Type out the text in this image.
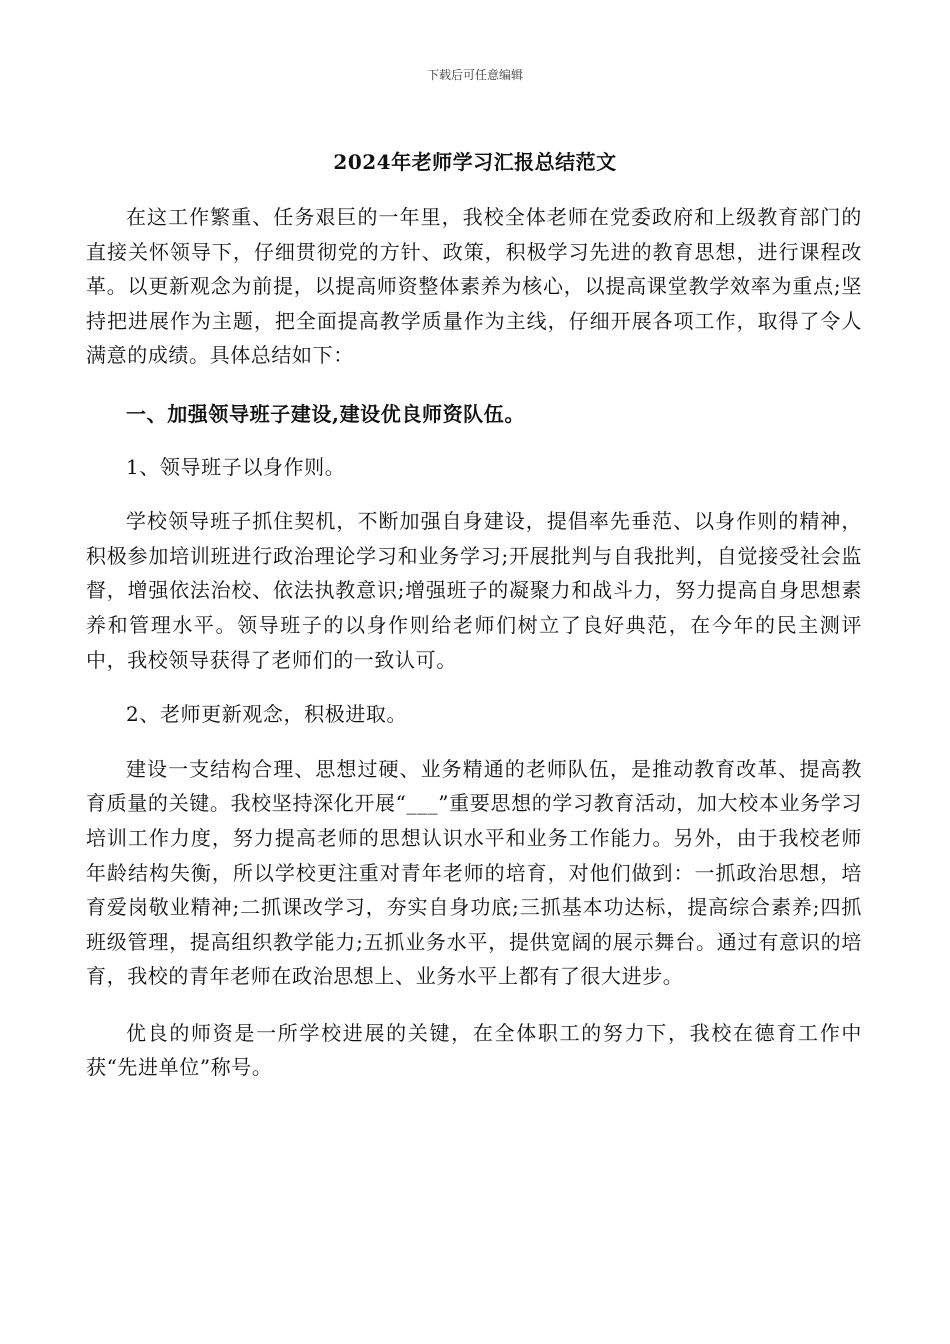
下载后可任意编辑
2024年老师学习汇报总结范文

在这工作繁重、任务艰巨的一年里，我校全体老师在党委政府和上级教育部门的直接关怀领导下，仔细贯彻党的方针、政策，积极学习先进的教育思想，进行课程改革。以更新观念为前提，以提高师资整体素养为核心，以提高课堂教学效率为重点;坚持把进展作为主题，把全面提高教学质量作为主线，仔细开展各项工作，取得了令人满意的成绩。具体总结如下：

一、加强领导班子建设,建设优良师资队伍。

1、领导班子以身作则。

学校领导班子抓住契机，不断加强自身建设，提倡率先垂范、以身作则的精神，积极参加培训班进行政治理论学习和业务学习;开展批判与自我批判，自觉接受社会监督，增强依法治校、依法执教意识;增强班子的凝聚力和战斗力，努力提高自身思想素养和管理水平。领导班子的以身作则给老师们树立了良好典范，在今年的民主测评中，我校领导获得了老师们的一致认可。

2、老师更新观念，积极进取。

建设一支结构合理、思想过硬、业务精通的老师队伍，是推动教育改革、提高教育质量的关键。我校坚持深化开展“___”重要思想的学习教育活动，加大校本业务学习培训工作力度，努力提高老师的思想认识水平和业务工作能力。另外，由于我校老师年龄结构失衡，所以学校更注重对青年老师的培育，对他们做到：一抓政治思想，培育爱岗敬业精神;二抓课改学习，夯实自身功底;三抓基本功达标，提高综合素养;四抓班级管理，提高组织教学能力;五抓业务水平，提供宽阔的展示舞台。通过有意识的培育，我校的青年老师在政治思想上、业务水平上都有了很大进步。

优良的师资是一所学校进展的关键，在全体职工的努力下，我校在德育工作中获“先进单位”称号。
